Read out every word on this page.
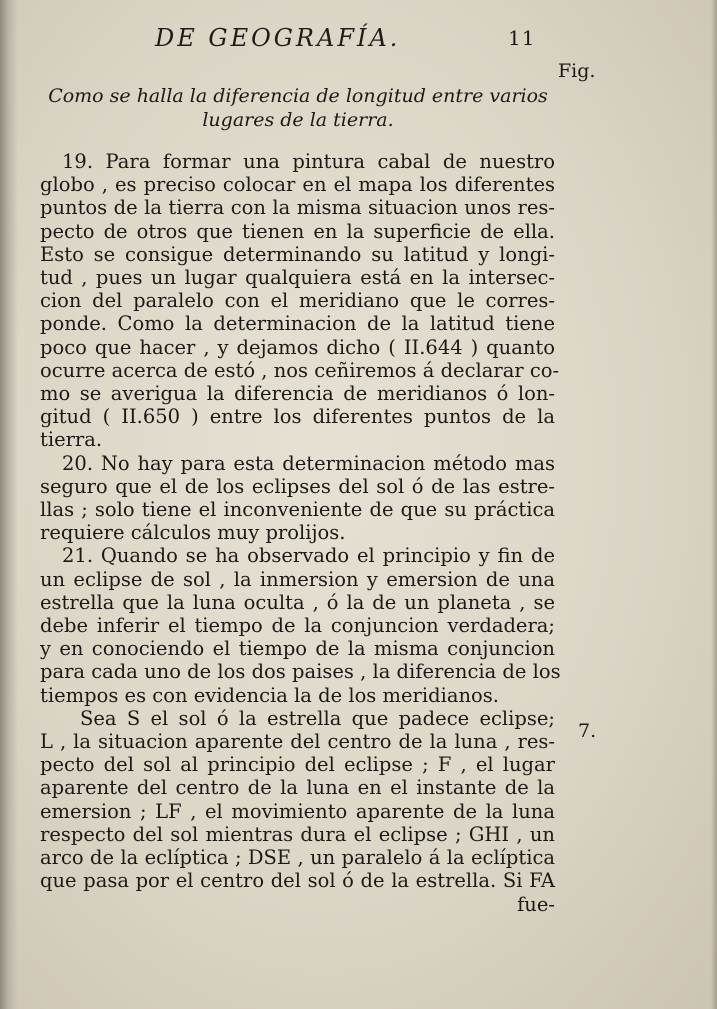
DE GEOGRAFÍA.	11
Fig.
7.
Como se halla la diferencia de longitud entre varios
lugares de la tierra.
19. Para formar una pintura cabal de nuestro
globo , es preciso colocar en el mapa los diferentes
puntos de la tierra con la misma situacion unos res-
pecto de otros que tienen en la superficie de ella.
Esto se consigue determinando su latitud y longi-
tud , pues un lugar qualquiera está en la intersec-
cion del paralelo con el meridiano que le corres-
ponde. Como la determinacion de la latitud tiene
poco que hacer , y dejamos dicho ( II.644 ) quanto
ocurre acerca de estó , nos ceñiremos á declarar co-
mo se averigua la diferencia de meridianos ó lon-
gitud ( II.650 ) entre los diferentes puntos de la
tierra.
20. No hay para esta determinacion método mas
seguro que el de los eclipses del sol ó de las estre-
llas ; solo tiene el inconveniente de que su práctica
requiere cálculos muy prolijos.
21. Quando se ha observado el principio y fin de
un eclipse de sol , la inmersion y emersion de una
estrella que la luna oculta , ó la de un planeta , se
debe inferir el tiempo de la conjuncion verdadera;
y en conociendo el tiempo de la misma conjuncion
para cada uno de los dos paises , la diferencia de los
tiempos es con evidencia la de los meridianos.
Sea S el sol ó la estrella que padece eclipse;
L , la situacion aparente del centro de la luna , res-
pecto del sol al principio del eclipse ; F , el lugar
aparente del centro de la luna en el instante de la
emersion ; LF , el movimiento aparente de la luna
respecto del sol mientras dura el eclipse ; GHI , un
arco de la eclíptica ; DSE , un paralelo á la eclíptica
que pasa por el centro del sol ó de la estrella. Si FA
fue-
